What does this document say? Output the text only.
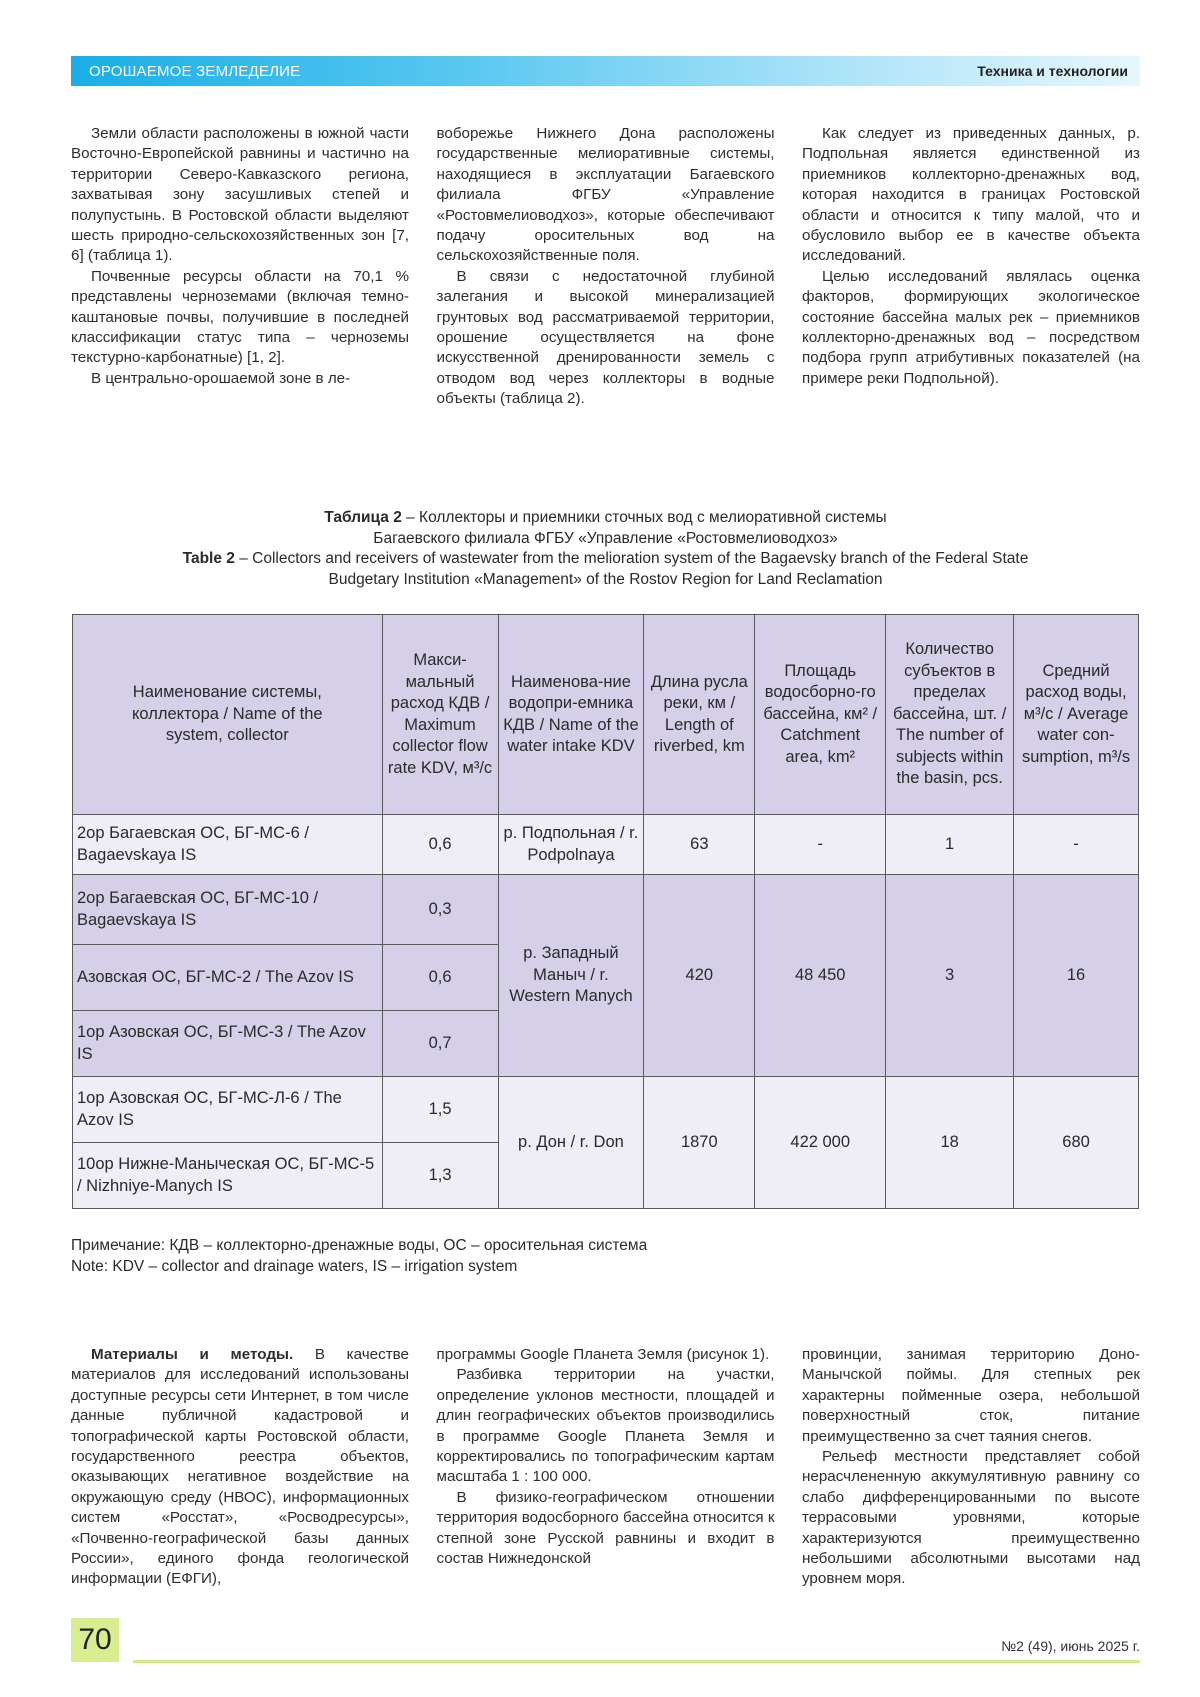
ОРОШАЕМОЕ ЗЕМЛЕДЕЛИЕ	Техника и технологии

Земли области расположены в южной части Восточно-Европейской равнины и частично на территории Северо-Кавказского региона, захватывая зону засушливых степей и полупустынь. В Ростовской области выделяют шесть природно-сельскохозяйственных зон [7, 6] (таблица 1).

Почвенные ресурсы области на 70,1 % представлены черноземами (включая темно-каштановые почвы, получившие в последней классификации статус типа – черноземы текстурно-карбонатные) [1, 2].

В центрально-орошаемой зоне в ле-

воборежье Нижнего Дона расположены государственные мелиоративные системы, находящиеся в эксплуатации Багаевского филиала ФГБУ «Управление «Ростовмелиоводхоз», которые обеспечивают подачу оросительных вод на сельскохозяйственные поля.

В связи с недостаточной глубиной залегания и высокой минерализацией грунтовых вод рассматриваемой территории, орошение осуществляется на фоне искусственной дренированности земель с отводом вод через коллекторы в водные объекты (таблица 2).

Как следует из приведенных данных, р. Подпольная является единственной из приемников коллекторно-дренажных вод, которая находится в границах Ростовской области и относится к типу малой, что и обусловило выбор ее в качестве объекта исследований.

Целью исследований являлась оценка факторов, формирующих экологическое состояние бассейна малых рек – приемников коллекторно-дренажных вод – посредством подбора групп атрибутивных показателей (на примере реки Подпольной).

Таблица 2 – Коллекторы и приемники сточных вод с мелиоративной системы
Багаевского филиала ФГБУ «Управление «Ростовмелиоводхоз»
Table 2 – Collectors and receivers of wastewater from the melioration system of the Bagaevsky branch of the Federal State
Budgetary Institution «Management» of the Rostov Region for Land Reclamation
Наименование системы, коллектора / Name of the system, collector	Макси-мальный расход КДВ / Maximum collector flow rate KDV, м³/с	Наименова-ние водопри-емника КДВ / Name of the water intake KDV	Длина русла реки, км / Length of riverbed, km	Площадь водосборно-го бассейна, км² / Catchment area, km²	Количество субъектов в пределах бассейна, шт. / The number of subjects within the basin, pcs.	Средний расход воды, м³/с / Average water con-sumption, m³/s
2ор Багаевская ОС, БГ-МС-6 / Bagaevskaya IS	0,6	р. Подпольная / r. Podpolnaya	63	-	1	-
2ор Багаевская ОС, БГ-МС-10 / Bagaevskaya IS	0,3	р. Западный Маныч / r. Western Manych	420	48 450	3	16
Азовская ОС, БГ-МС-2 / The Azov IS	0,6					
1ор Азовская ОС, БГ-МС-3 / The Azov IS	0,7					
1ор Азовская ОС, БГ-МС-Л-6 / The Azov IS	1,5	р. Дон / r. Don	1870	422 000	18	680
10ор Нижне-Маныческая ОС, БГ-МС-5 / Nizhniye-Manych IS	1,3					
Примечание: КДВ – коллекторно-дренажные воды, ОС – оросительная система
Note: KDV – collector and drainage waters, IS – irrigation system

Материалы и методы. В качестве материалов для исследований использованы доступные ресурсы сети Интернет, в том числе данные публичной кадастровой и топографической карты Ростовской области, государственного реестра объектов, оказывающих негативное воздействие на окружающую среду (НВОС), информационных систем «Росстат», «Росводресурсы», «Почвенно-географической базы данных России», единого фонда геологической информации (ЕФГИ),

программы Google Планета Земля (рисунок 1).

Разбивка территории на участки, определение уклонов местности, площадей и длин географических объектов производились в программе Google Планета Земля и корректировались по топографическим картам масштаба 1 : 100 000.

В физико-географическом отношении территория водосборного бассейна относится к степной зоне Русской равнины и входит в состав Нижнедонской

провинции, занимая территорию Доно-Манычской поймы. Для степных рек характерны пойменные озера, небольшой поверхностный сток, питание преимущественно за счет таяния снегов.

Рельеф местности представляет собой нерасчлененную аккумулятивную равнину со слабо дифференцированными по высоте террасовыми уровнями, которые характеризуются преимущественно небольшими абсолютными высотами над уровнем моря.

70	№2 (49), июнь 2025 г.
